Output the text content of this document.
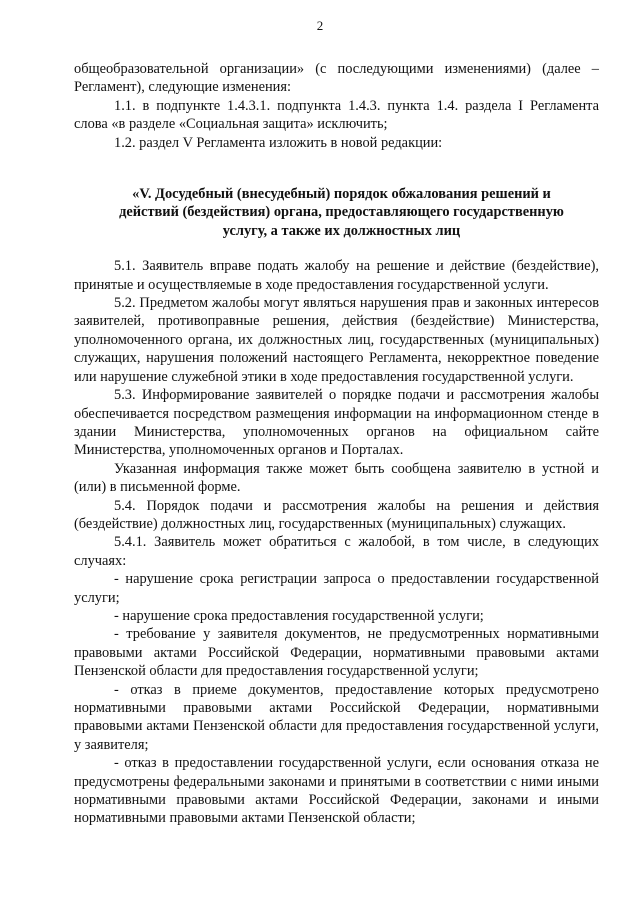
2

общеобразовательной организации» (с последующими изменениями) (далее – Регламент), следующие изменения:

1.1. в подпункте 1.4.3.1. подпункта 1.4.3. пункта 1.4. раздела I Регламента слова «в разделе «Социальная защита» исключить;

1.2. раздел V Регламента изложить в новой редакции:

«V. Досудебный (внесудебный) порядок обжалования решений и действий (бездействия) органа, предоставляющего государственную услугу, а также их должностных лиц

5.1. Заявитель вправе подать жалобу на решение и действие (бездействие), принятые и осуществляемые в ходе предоставления государственной услуги.

5.2. Предметом жалобы могут являться нарушения прав и законных интересов заявителей, противоправные решения, действия (бездействие) Министерства, уполномоченного органа, их должностных лиц, государственных (муниципальных) служащих, нарушения положений настоящего Регламента, некорректное поведение или нарушение служебной этики в ходе предоставления государственной услуги.

5.3. Информирование заявителей о порядке подачи и рассмотрения жалобы обеспечивается посредством размещения информации на информационном стенде в здании Министерства, уполномоченных органов на официальном сайте Министерства, уполномоченных органов и Порталах.

Указанная информация также может быть сообщена заявителю в устной и (или) в письменной форме.

5.4. Порядок подачи и рассмотрения жалобы на решения и действия (бездействие) должностных лиц, государственных (муниципальных) служащих.

5.4.1. Заявитель может обратиться с жалобой, в том числе, в следующих случаях:

- нарушение срока регистрации запроса о предоставлении государственной услуги;

- нарушение срока предоставления государственной услуги;

- требование у заявителя документов, не предусмотренных нормативными правовыми актами Российской Федерации, нормативными правовыми актами Пензенской области для предоставления государственной услуги;

- отказ в приеме документов, предоставление которых предусмотрено нормативными правовыми актами Российской Федерации, нормативными правовыми актами Пензенской области для предоставления государственной услуги, у заявителя;

- отказ в предоставлении государственной услуги, если основания отказа не предусмотрены федеральными законами и принятыми в соответствии с ними иными нормативными правовыми актами Российской Федерации, законами и иными нормативными правовыми актами Пензенской области;
